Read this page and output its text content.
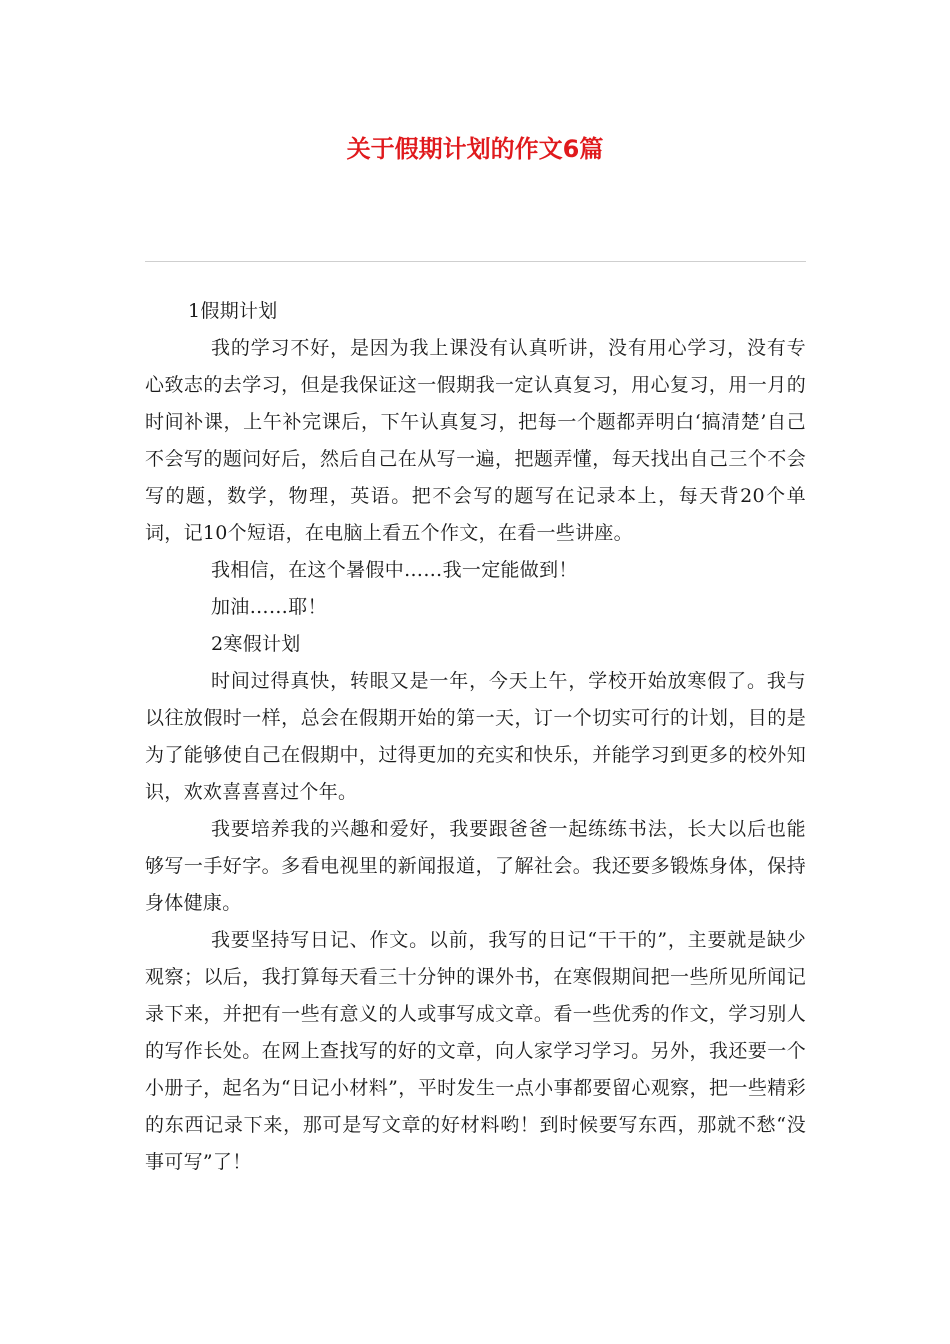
关于假期计划的作文6篇

1假期计划

我的学习不好，是因为我上课没有认真听讲，没有用心学习，没有专心致志的去学习，但是我保证这一假期我一定认真复习，用心复习，用一月的时间补课，上午补完课后，下午认真复习，把每一个题都弄明白‘搞清楚’自己不会写的题问好后，然后自己在从写一遍，把题弄懂，每天找出自己三个不会写的题，数学，物理，英语。把不会写的题写在记录本上，每天背20个单词，记10个短语，在电脑上看五个作文，在看一些讲座。

我相信，在这个暑假中……我一定能做到！

加油……耶！

2寒假计划

时间过得真快，转眼又是一年，今天上午，学校开始放寒假了。我与以往放假时一样，总会在假期开始的第一天，订一个切实可行的计划，目的是为了能够使自己在假期中，过得更加的充实和快乐，并能学习到更多的校外知识，欢欢喜喜喜过个年。

我要培养我的兴趣和爱好，我要跟爸爸一起练练书法，长大以后也能够写一手好字。多看电视里的新闻报道，了解社会。我还要多锻炼身体，保持身体健康。

我要坚持写日记、作文。以前，我写的日记“干干的”，主要就是缺少观察；以后，我打算每天看三十分钟的课外书，在寒假期间把一些所见所闻记录下来，并把有一些有意义的人或事写成文章。看一些优秀的作文，学习别人的写作长处。在网上查找写的好的文章，向人家学习学习。另外，我还要一个小册子，起名为“日记小材料”，平时发生一点小事都要留心观察，把一些精彩的东西记录下来，那可是写文章的好材料哟！到时候要写东西，那就不愁“没事可写”了！
